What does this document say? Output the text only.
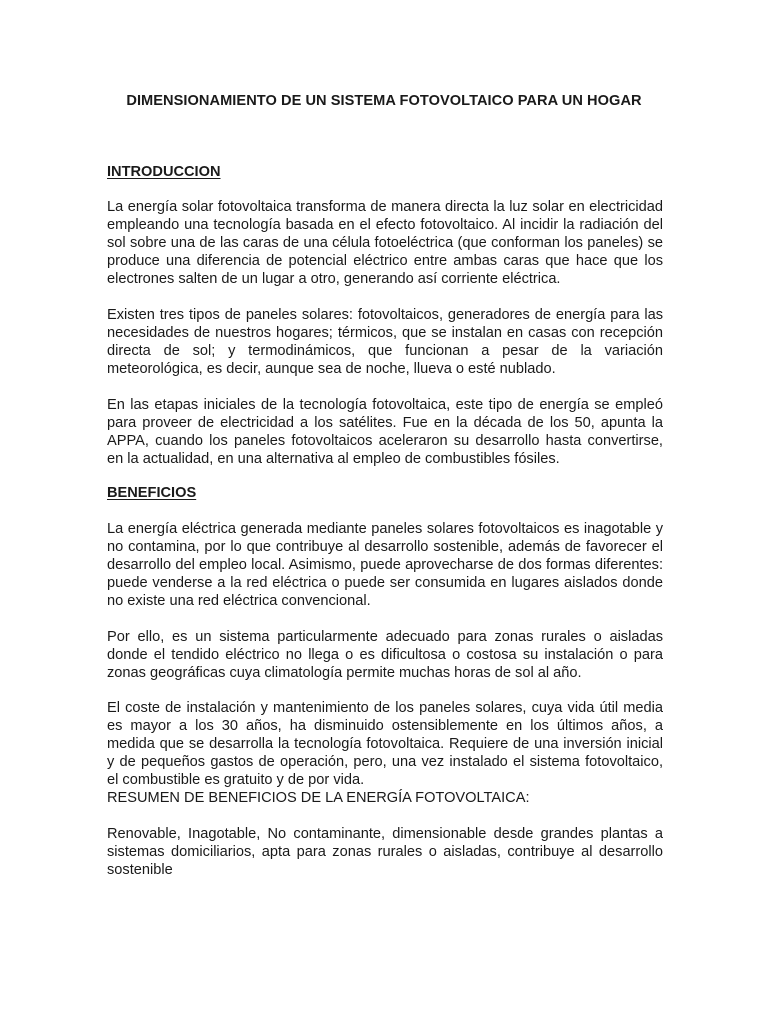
DIMENSIONAMIENTO DE UN SISTEMA FOTOVOLTAICO PARA UN HOGAR
INTRODUCCION

La energía solar fotovoltaica transforma de manera directa la luz solar en electricidad empleando una tecnología basada en el efecto fotovoltaico. Al incidir la radiación del sol sobre una de las caras de una célula fotoeléctrica (que conforman los paneles) se produce una diferencia de potencial eléctrico entre ambas caras que hace que los electrones salten de un lugar a otro, generando así corriente eléctrica.

Existen tres tipos de paneles solares: fotovoltaicos, generadores de energía para las necesidades de nuestros hogares; térmicos, que se instalan en casas con recepción directa de sol; y termodinámicos, que funcionan a pesar de la variación meteorológica, es decir, aunque sea de noche, llueva o esté nublado.

En las etapas iniciales de la tecnología fotovoltaica, este tipo de energía se empleó para proveer de electricidad a los satélites. Fue en la década de los 50, apunta la APPA, cuando los paneles fotovoltaicos aceleraron su desarrollo hasta convertirse, en la actualidad, en una alternativa al empleo de combustibles fósiles.

BENEFICIOS

La energía eléctrica generada mediante paneles solares fotovoltaicos es inagotable y no contamina, por lo que contribuye al desarrollo sostenible, además de favorecer el desarrollo del empleo local. Asimismo, puede aprovecharse de dos formas diferentes: puede venderse a la red eléctrica o puede ser consumida en lugares aislados donde no existe una red eléctrica convencional.

Por ello, es un sistema particularmente adecuado para zonas rurales o aisladas donde el tendido eléctrico no llega o es dificultosa o costosa su instalación o para zonas geográficas cuya climatología permite muchas horas de sol al año.

El coste de instalación y mantenimiento de los paneles solares, cuya vida útil media es mayor a los 30 años, ha disminuido ostensiblemente en los últimos años, a medida que se desarrolla la tecnología fotovoltaica. Requiere de una inversión inicial y de pequeños gastos de operación, pero, una vez instalado el sistema fotovoltaico, el combustible es gratuito y de por vida.

RESUMEN DE BENEFICIOS DE LA ENERGÍA FOTOVOLTAICA:

Renovable, Inagotable, No contaminante, dimensionable desde grandes plantas a sistemas domiciliarios, apta para zonas rurales o aisladas, contribuye al desarrollo sostenible
